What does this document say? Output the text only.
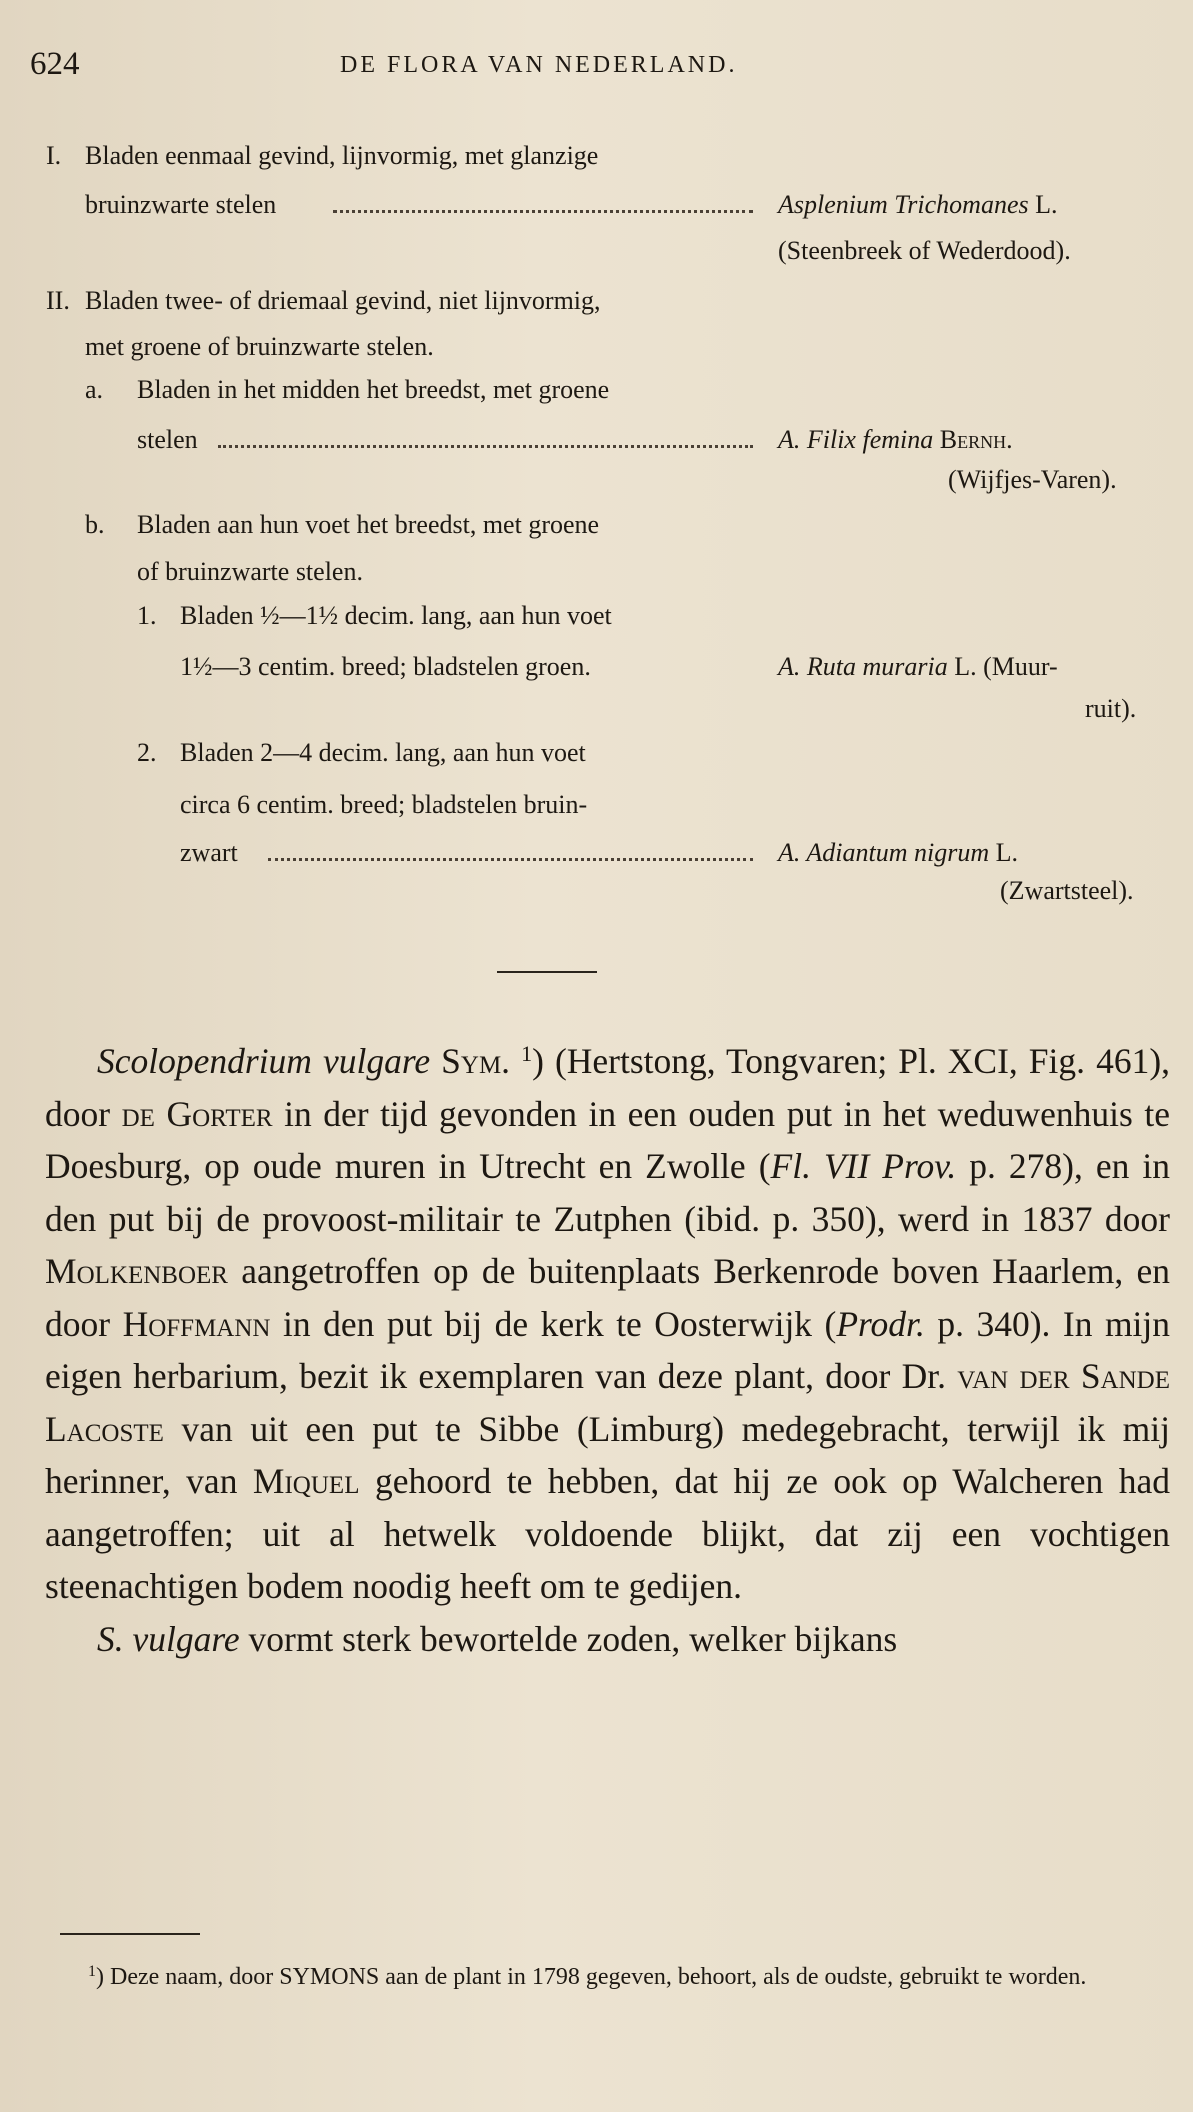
624	DE FLORA VAN NEDERLAND.
I. Bladen eenmaal gevind, lijnvormig, met glanzige
bruinzwarte stelen	Asplenium Trichomanes L.
(Steenbreek of Wederdood).
II. Bladen twee- of driemaal gevind, niet lijnvormig,
met groene of bruinzwarte stelen.
a. Bladen in het midden het breedst, met groene
stelen	A. Filix femina Bernh.
(Wijfjes-Varen).
b. Bladen aan hun voet het breedst, met groene
of bruinzwarte stelen.
1. Bladen ½—1½ decim. lang, aan hun voet
1½—3 centim. breed; bladstelen groen.	A. Ruta muraria L. (Muur-
ruit).
2. Bladen 2—4 decim. lang, aan hun voet
circa 6 centim. breed; bladstelen bruin-
zwart	A. Adiantum nigrum L.
(Zwartsteel).

Scolopendrium vulgare Sym. $^1$) (Hertstong, Tongvaren; Pl. XCI, Fig. 461), door de Gorter in der tijd gevonden in een ouden put in het weduwenhuis te Doesburg, op oude muren in Utrecht en Zwolle (Fl. VII Prov. p. 278), en in den put bij de provoost-militair te Zutphen (ibid. p. 350), werd in 1837 door Molkenboer aangetroffen op de buitenplaats Berkenrode boven Haarlem, en door Hoffmann in den put bij de kerk te Oosterwijk (Prodr. p. 340). In mijn eigen herbarium, bezit ik exemplaren van deze plant, door Dr. van der Sande Lacoste van uit een put te Sibbe (Limburg) medegebracht, terwijl ik mij herinner, van Miquel gehoord te hebben, dat hij ze ook op Walcheren had aangetroffen; uit al hetwelk voldoende blijkt, dat zij een vochtigen steenachtigen bodem noodig heeft om te gedijen.

S. vulgare vormt sterk bewortelde zoden, welker bijkans

$^1$) Deze naam, door SYMONS aan de plant in 1798 gegeven, behoort, als de oudste, gebruikt te worden.
